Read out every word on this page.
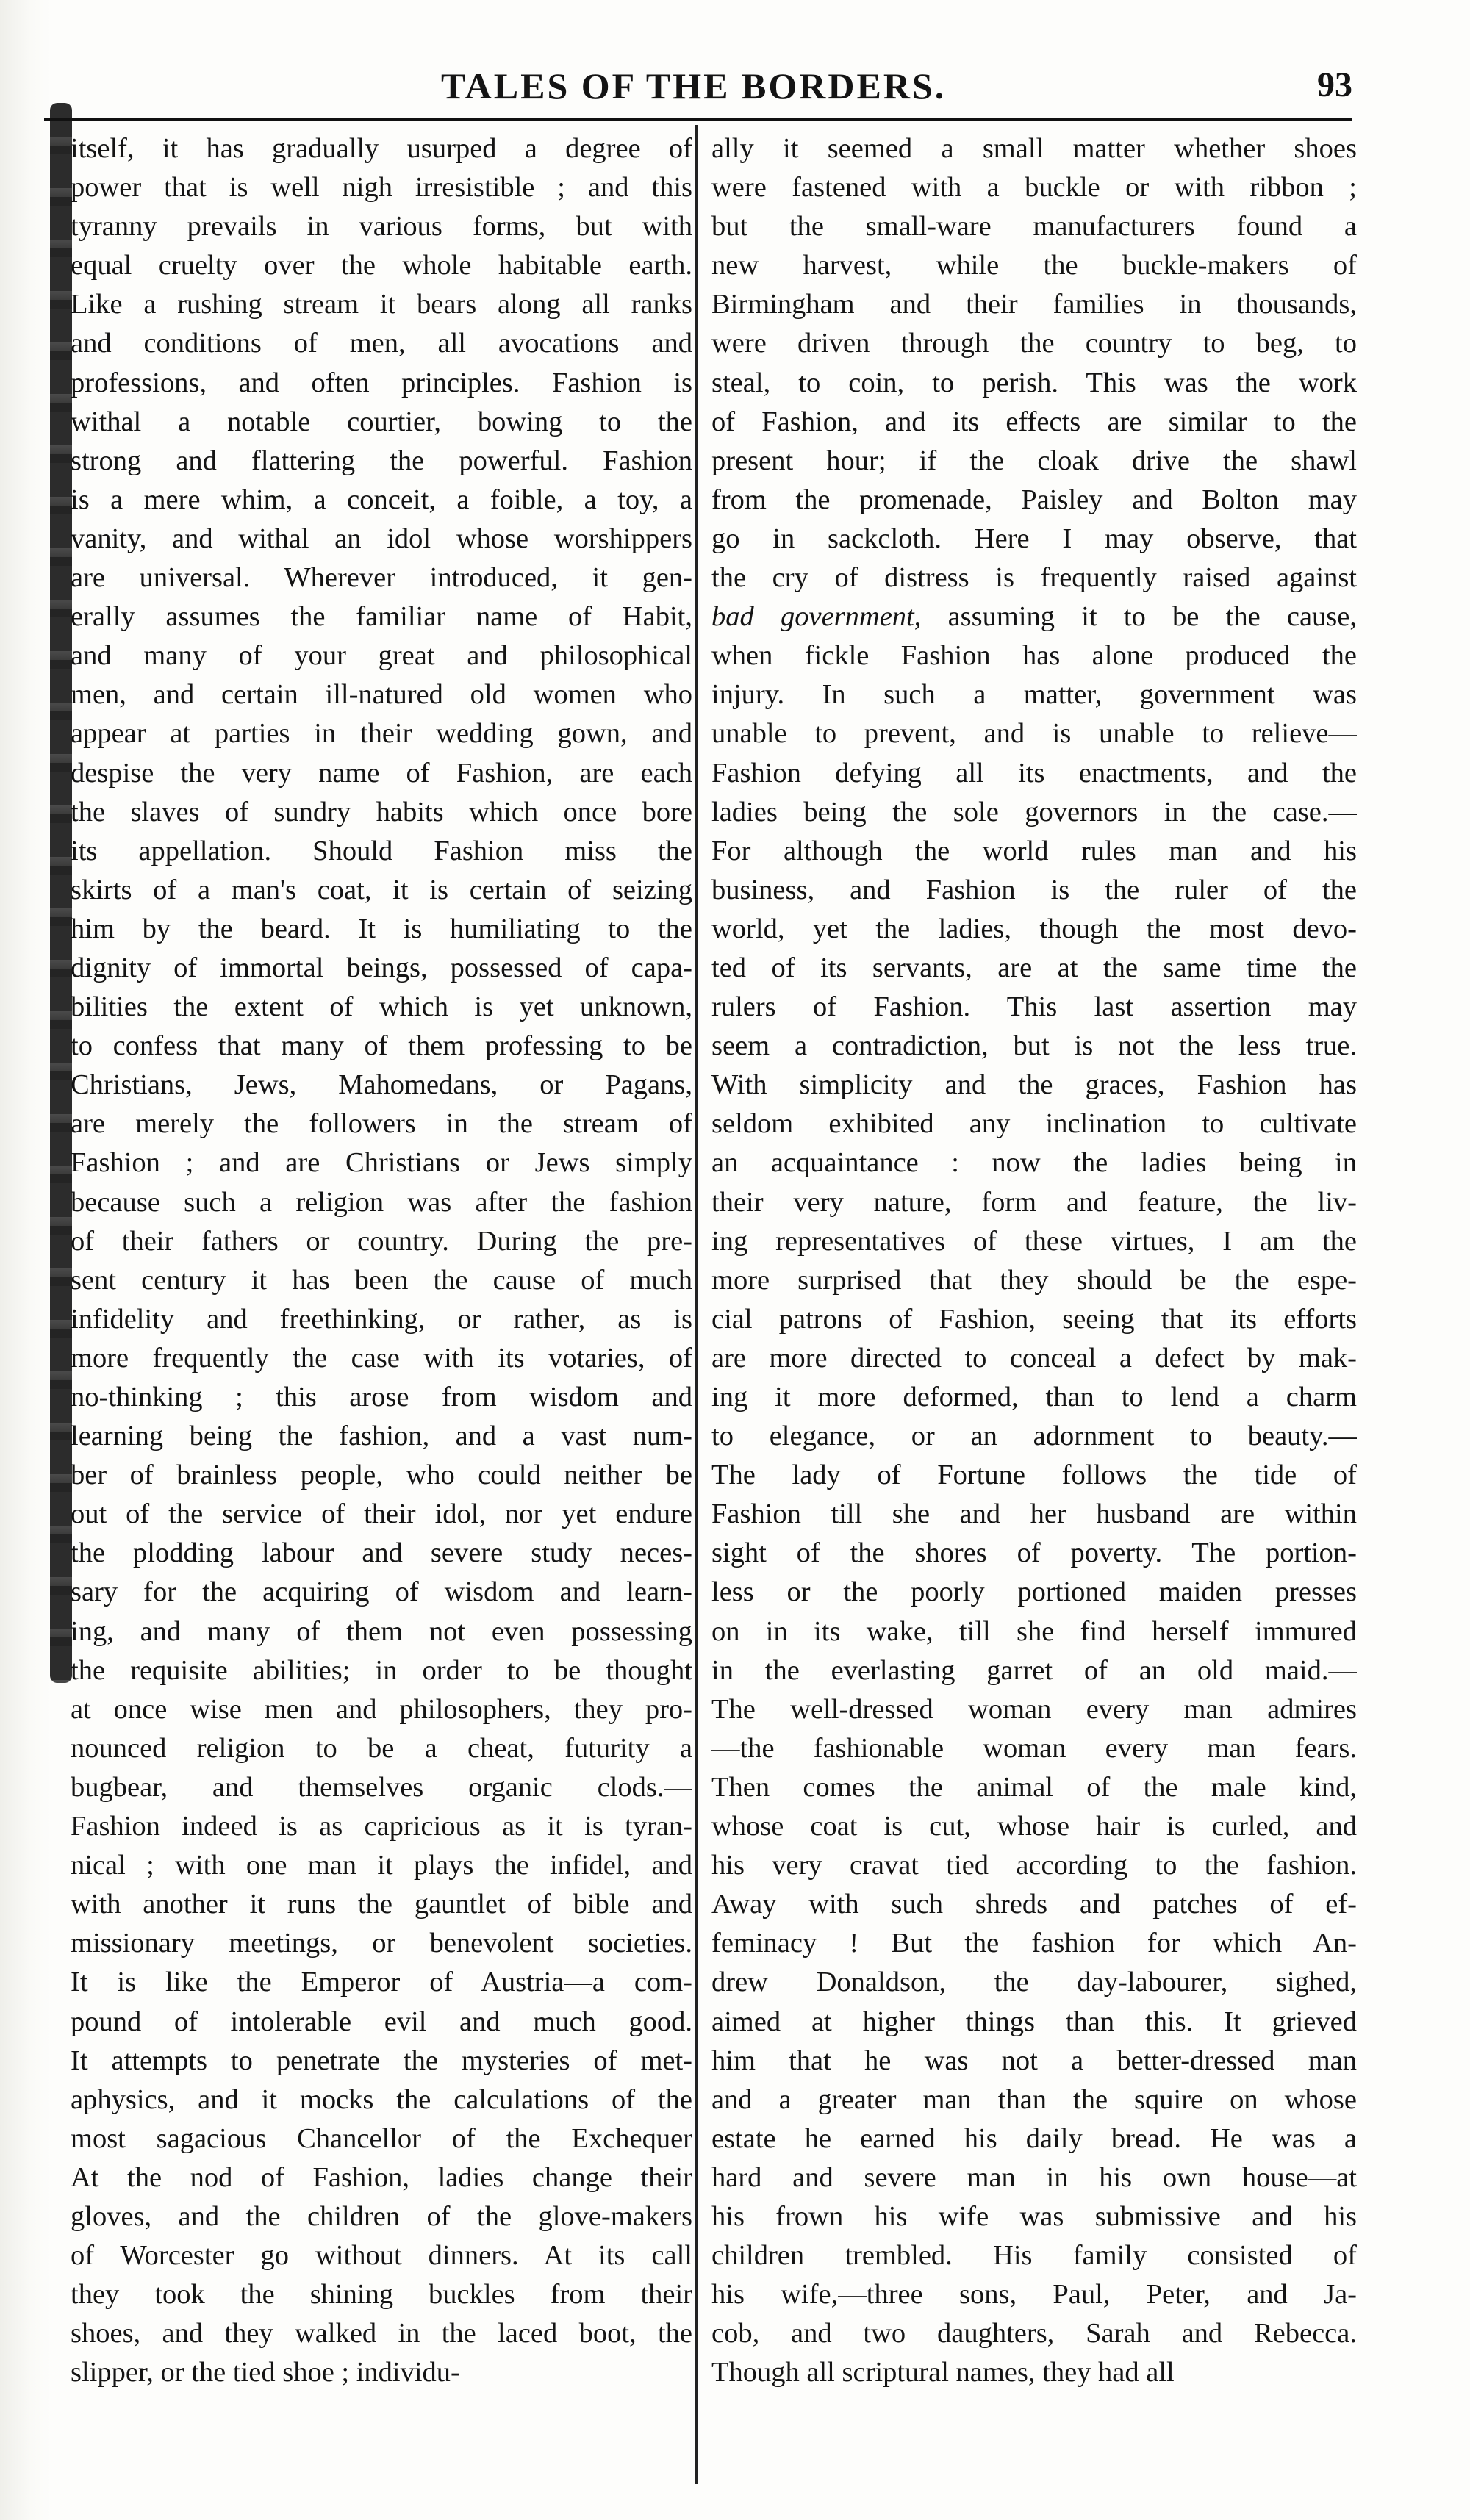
TALES OF THE BORDERS.	93
itself, it has gradually usurped a degree of
power that is well nigh irresistible ; and this
tyranny prevails in various forms, but with
equal cruelty over the whole habitable earth.
Like a rushing stream it bears along all ranks
and conditions of men, all avocations and
professions, and often principles. Fashion is
withal a notable courtier, bowing to the
strong and flattering the powerful. Fashion
is a mere whim, a conceit, a foible, a toy, a
vanity, and withal an idol whose worshippers
are universal. Wherever introduced, it gen-
erally assumes the familiar name of Habit,
and many of your great and philosophical
men, and certain ill-natured old women who
appear at parties in their wedding gown, and
despise the very name of Fashion, are each
the slaves of sundry habits which once bore
its appellation. Should Fashion miss the
skirts of a man's coat, it is certain of seizing
him by the beard. It is humiliating to the
dignity of immortal beings, possessed of capa-
bilities the extent of which is yet unknown,
to confess that many of them professing to be
Christians, Jews, Mahomedans, or Pagans,
are merely the followers in the stream of
Fashion ; and are Christians or Jews simply
because such a religion was after the fashion
of their fathers or country. During the pre-
sent century it has been the cause of much
infidelity and freethinking, or rather, as is
more frequently the case with its votaries, of
no-thinking ; this arose from wisdom and
learning being the fashion, and a vast num-
ber of brainless people, who could neither be
out of the service of their idol, nor yet endure
the plodding labour and severe study neces-
sary for the acquiring of wisdom and learn-
ing, and many of them not even possessing
the requisite abilities; in order to be thought
at once wise men and philosophers, they pro-
nounced religion to be a cheat, futurity a
bugbear, and themselves organic clods.—
Fashion indeed is as capricious as it is tyran-
nical ; with one man it plays the infidel, and
with another it runs the gauntlet of bible and
missionary meetings, or benevolent societies.
It is like the Emperor of Austria—a com-
pound of intolerable evil and much good.
It attempts to penetrate the mysteries of met-
aphysics, and it mocks the calculations of the
most sagacious Chancellor of the Exchequer
At the nod of Fashion, ladies change their
gloves, and the children of the glove-makers
of Worcester go without dinners. At its call
they took the shining buckles from their
shoes, and they walked in the laced boot, the
slipper, or the tied shoe ; individu-
ally it seemed a small matter whether shoes
were fastened with a buckle or with ribbon ;
but the small-ware manufacturers found a
new harvest, while the buckle-makers of
Birmingham and their families in thousands,
were driven through the country to beg, to
steal, to coin, to perish. This was the work
of Fashion, and its effects are similar to the
present hour; if the cloak drive the shawl
from the promenade, Paisley and Bolton may
go in sackcloth. Here I may observe, that
the cry of distress is frequently raised against
bad government, assuming it to be the cause,
when fickle Fashion has alone produced the
injury. In such a matter, government was
unable to prevent, and is unable to relieve—
Fashion defying all its enactments, and the
ladies being the sole governors in the case.—
For although the world rules man and his
business, and Fashion is the ruler of the
world, yet the ladies, though the most devo-
ted of its servants, are at the same time the
rulers of Fashion. This last assertion may
seem a contradiction, but is not the less true.
With simplicity and the graces, Fashion has
seldom exhibited any inclination to cultivate
an acquaintance : now the ladies being in
their very nature, form and feature, the liv-
ing representatives of these virtues, I am the
more surprised that they should be the espe-
cial patrons of Fashion, seeing that its efforts
are more directed to conceal a defect by mak-
ing it more deformed, than to lend a charm
to elegance, or an adornment to beauty.—
The lady of Fortune follows the tide of
Fashion till she and her husband are within
sight of the shores of poverty. The portion-
less or the poorly portioned maiden presses
on in its wake, till she find herself immured
in the everlasting garret of an old maid.—
The well-dressed woman every man admires
—the fashionable woman every man fears.
Then comes the animal of the male kind,
whose coat is cut, whose hair is curled, and
his very cravat tied according to the fashion.
Away with such shreds and patches of ef-
feminacy ! But the fashion for which An-
drew Donaldson, the day-labourer, sighed,
aimed at higher things than this. It grieved
him that he was not a better-dressed man
and a greater man than the squire on whose
estate he earned his daily bread. He was a
hard and severe man in his own house—at
his frown his wife was submissive and his
children trembled. His family consisted of
his wife,—three sons, Paul, Peter, and Ja-
cob, and two daughters, Sarah and Rebecca.
Though all scriptural names, they had all
